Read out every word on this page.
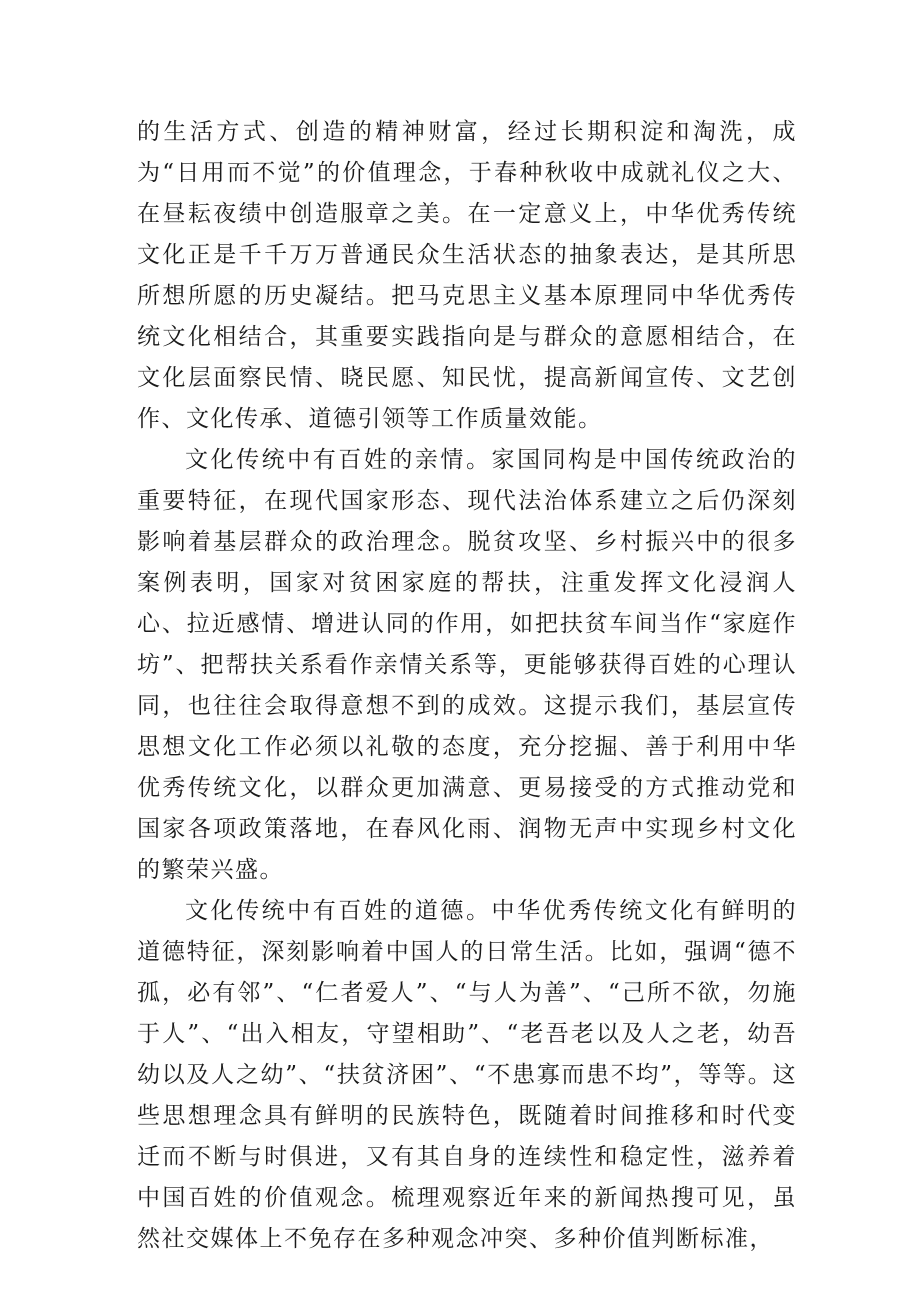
的生活方式、创造的精神财富，经过长期积淀和淘洗，成为“日用而不觉”的价值理念，于春种秋收中成就礼仪之大、在昼耘夜绩中创造服章之美。在一定意义上，中华优秀传统文化正是千千万万普通民众生活状态的抽象表达，是其所思所想所愿的历史凝结。把马克思主义基本原理同中华优秀传统文化相结合，其重要实践指向是与群众的意愿相结合，在文化层面察民情、晓民愿、知民忧，提高新闻宣传、文艺创作、文化传承、道德引领等工作质量效能。

文化传统中有百姓的亲情。家国同构是中国传统政治的重要特征，在现代国家形态、现代法治体系建立之后仍深刻影响着基层群众的政治理念。脱贫攻坚、乡村振兴中的很多案例表明，国家对贫困家庭的帮扶，注重发挥文化浸润人心、拉近感情、增进认同的作用，如把扶贫车间当作“家庭作坊”、把帮扶关系看作亲情关系等，更能够获得百姓的心理认同，也往往会取得意想不到的成效。这提示我们，基层宣传思想文化工作必须以礼敬的态度，充分挖掘、善于利用中华优秀传统文化，以群众更加满意、更易接受的方式推动党和国家各项政策落地，在春风化雨、润物无声中实现乡村文化的繁荣兴盛。

文化传统中有百姓的道德。中华优秀传统文化有鲜明的道德特征，深刻影响着中国人的日常生活。比如，强调“德不孤，必有邻”、“仁者爱人”、“与人为善”、“己所不欲，勿施于人”、“出入相友，守望相助”、“老吾老以及人之老，幼吾幼以及人之幼”、“扶贫济困”、“不患寡而患不均”，等等。这些思想理念具有鲜明的民族特色，既随着时间推移和时代变迁而不断与时俱进，又有其自身的连续性和稳定性，滋养着中国百姓的价值观念。梳理观察近年来的新闻热搜可见，虽然社交媒体上不免存在多种观念冲突、多种价值判断标准，
